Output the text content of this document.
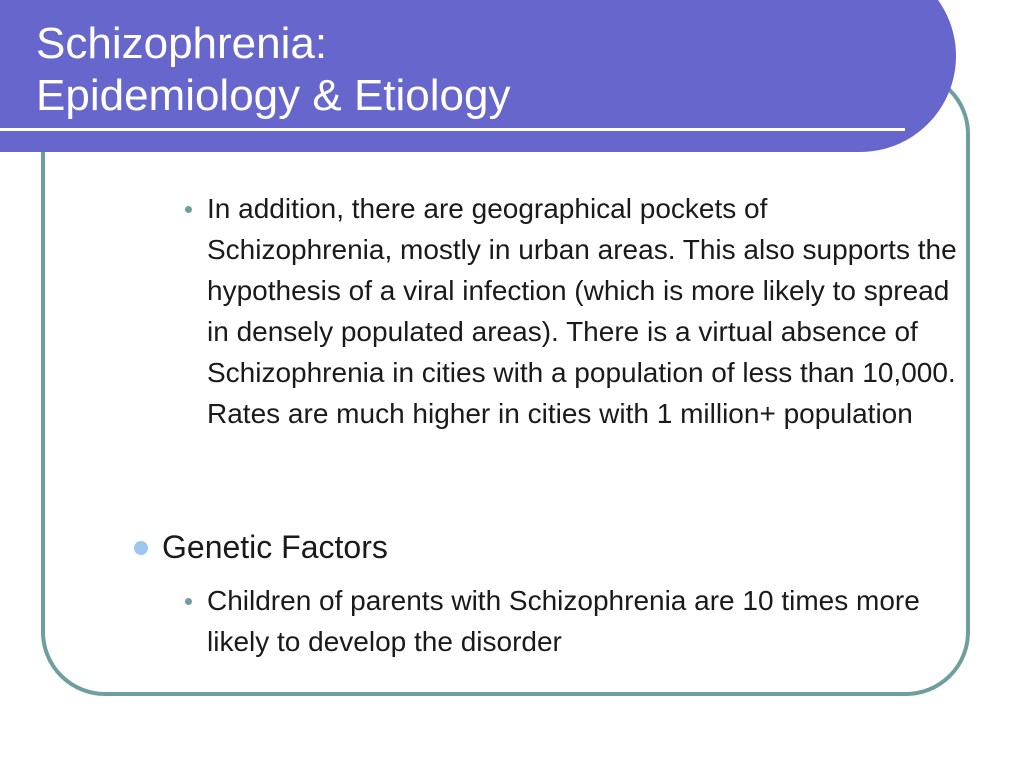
Schizophrenia:
Epidemiology & Etiology
In addition, there are geographical pockets of Schizophrenia, mostly in urban areas. This also supports the hypothesis of a viral infection (which is more likely to spread in densely populated areas). There is a virtual absence of Schizophrenia in cities with a population of less than 10,000. Rates are much higher in cities with 1 million+ population
Genetic Factors
Children of parents with Schizophrenia are 10 times more likely to develop the disorder
